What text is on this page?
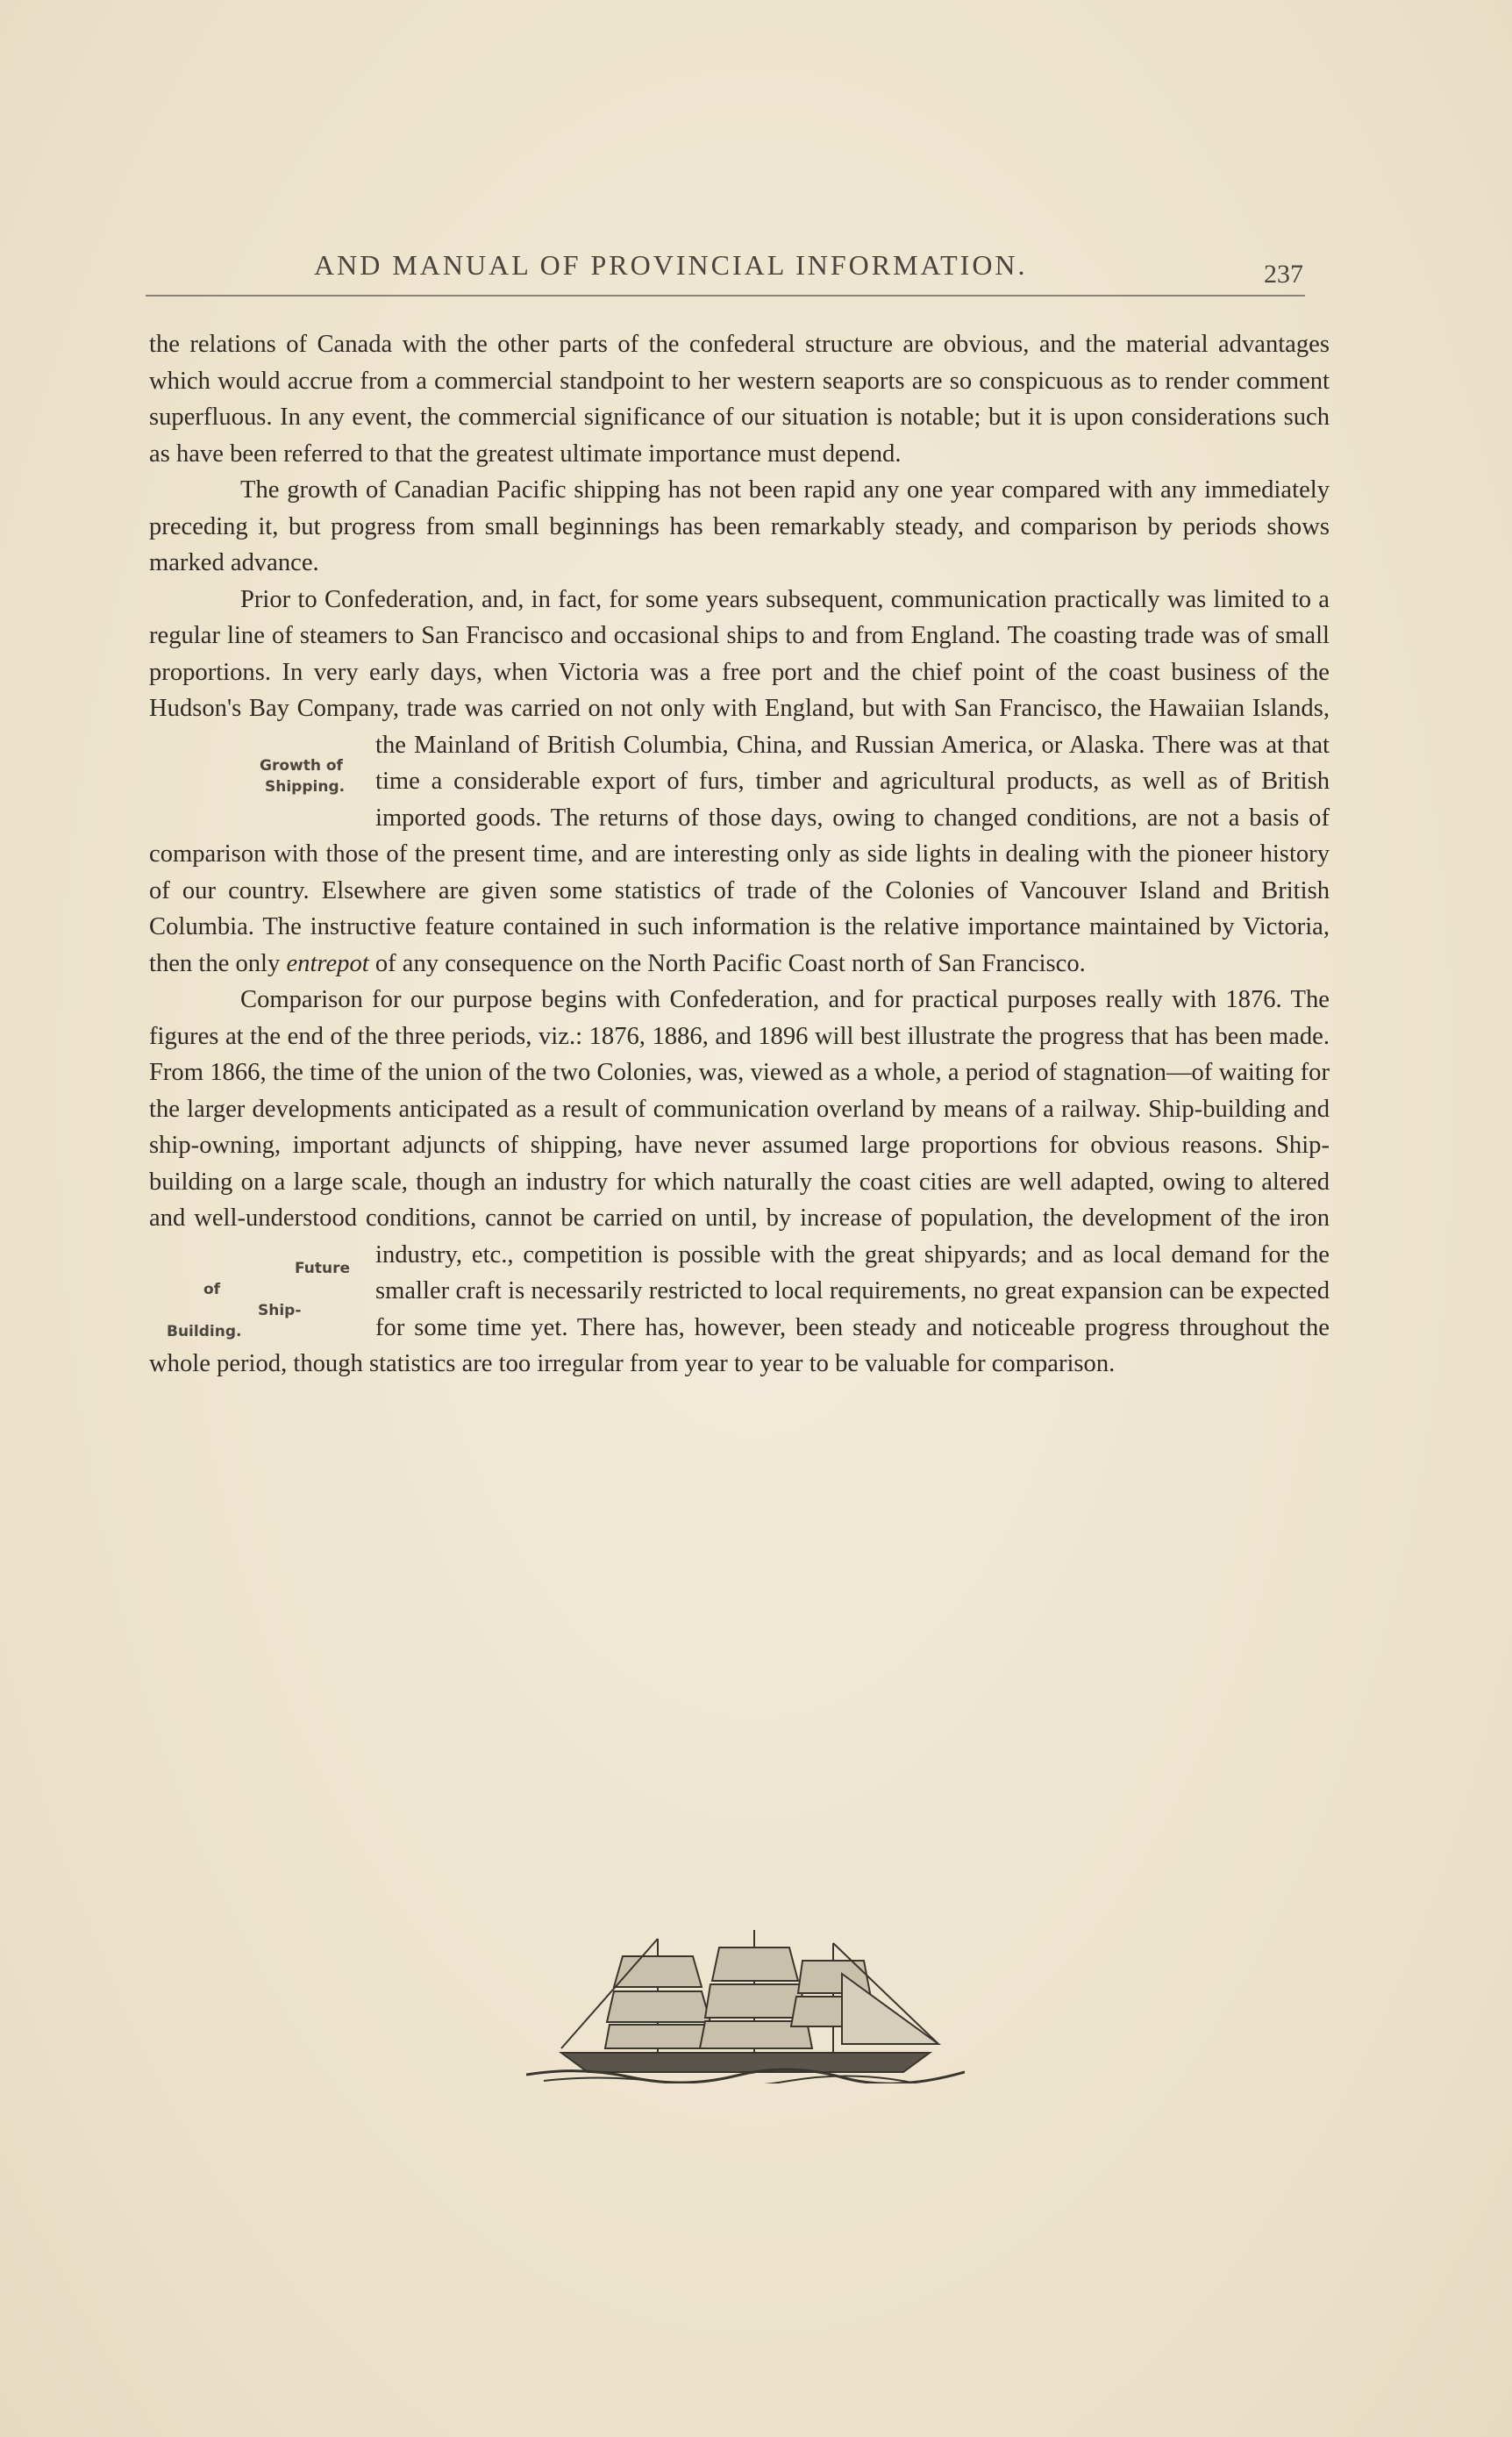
AND MANUAL OF PROVINCIAL INFORMATION.	237

the relations of Canada with the other parts of the confederal structure are obvious, and the material advantages which would accrue from a commercial standpoint to her western seaports are so conspicuous as to render comment superfluous. In any event, the commercial significance of our situation is notable; but it is upon considerations such as have been referred to that the greatest ultimate importance must depend.

The growth of Canadian Pacific shipping has not been rapid any one year compared with any immediately preceding it, but progress from small beginnings has been remarkably steady, and comparison by periods shows marked advance.

Prior to Confederation, and, in fact, for some years subsequent, communication practically was limited to a regular line of steamers to San Francisco and occasional ships to and from England. The coasting trade was of small proportions. In very early days, when Victoria was a free port and the chief point of the coast business of the Hudson's Bay Company, trade was carried on not only with England, but with San Francisco, the Hawaiian Islands, the Mainland of
Growth of
Shipping.
British Columbia, China, and Russian America, or Alaska. There was at that time a considerable export of furs, timber and agricultural products, as well as of British imported goods. The returns of those days, owing to changed conditions, are not a basis of comparison with those of the present time, and are interesting only as side lights in dealing with the pioneer history of our country. Elsewhere are given some statistics of trade of the Colonies of Vancouver Island and British Columbia. The instructive feature contained in such information is the relative importance maintained by Victoria, then the only entrepot of any consequence on the North Pacific Coast north of San Francisco.

Comparison for our purpose begins with Confederation, and for practical purposes really with 1876. The figures at the end of the three periods, viz.: 1876, 1886, and 1896 will best illustrate the progress that has been made. From 1866, the time of the union of the two Colonies, was, viewed as a whole, a period of stagnation—of waiting for the larger developments anticipated as a result of communication overland by means of a railway. Ship-building and ship-owning, important adjuncts of shipping, have never assumed large proportions for obvious reasons. Ship-building on a large scale, though an industry for which naturally the coast cities are well adapted, owing to altered and well-understood conditions, cannot be carried on until, by increase of population, the development of the iron
Future of
Ship-Building.
industry, etc., competition is possible with the great shipyards; and as local demand for the smaller craft is necessarily restricted to local requirements, no great expansion can be expected for some time yet. There has, however, been steady and noticeable progress throughout the whole period, though statistics are too irregular from year to year to be valuable for comparison.
